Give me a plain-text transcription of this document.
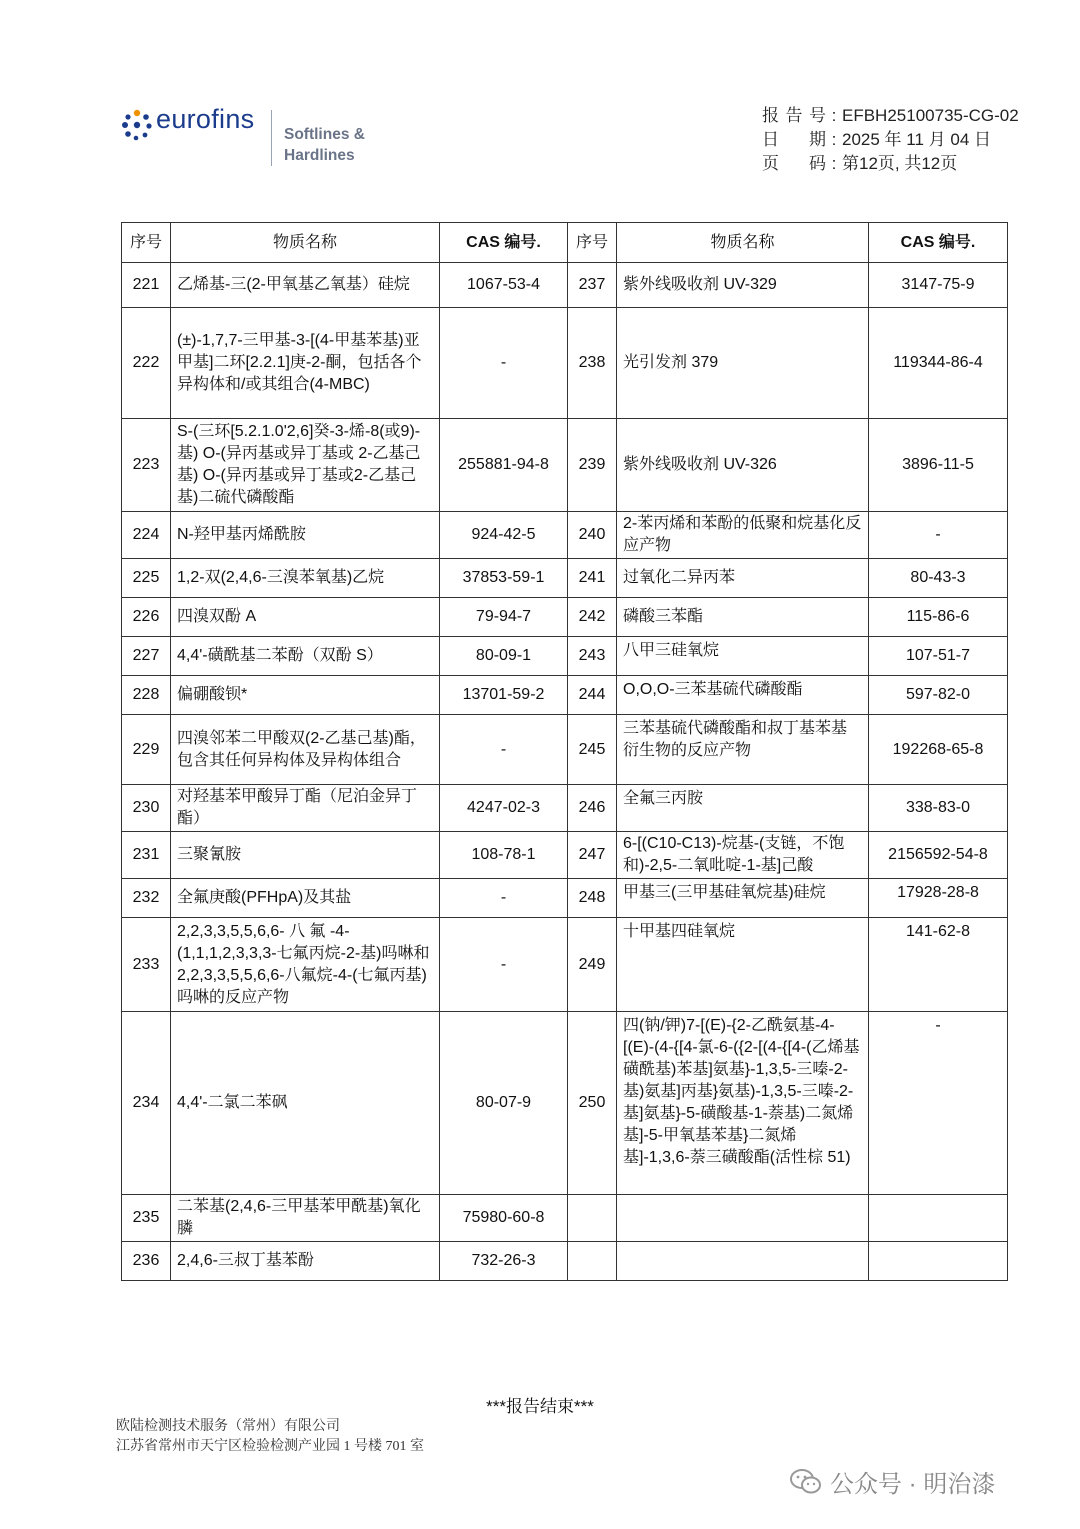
eurofins
Softlines &
Hardlines
报告号 : EFBH25100735-CG-02
日期 : 2025 年 11 月 04 日
页码 : 第12页, 共12页
序号	物质名称	CAS 编号.	序号	物质名称	CAS 编号.
221	乙烯基-三(2-甲氧基乙氧基）硅烷	1067-53-4	237	紫外线吸收剂 UV-329	3147-75-9
222	(±)-1,7,7-三甲基-3-[(4-甲基苯基)亚甲基]二环[2.2.1]庚-2-酮，包括各个异构体和/或其组合(4-MBC)	-	238	光引发剂 379	119344-86-4
223	S-(三环[5.2.1.0'2,6]癸-3-烯-8(或9)-基) O-(异丙基或异丁基或 2-乙基己基) O-(异丙基或异丁基或2-乙基己基)二硫代磷酸酯	255881-94-8	239	紫外线吸收剂 UV-326	3896-11-5
224	N-羟甲基丙烯酰胺	924-42-5	240	2-苯丙烯和苯酚的低聚和烷基化反应产物	-
225	1,2-双(2,4,6-三溴苯氧基)乙烷	37853-59-1	241	过氧化二异丙苯	80-43-3
226	四溴双酚 A	79-94-7	242	磷酸三苯酯	115-86-6
227	4,4'-磺酰基二苯酚（双酚 S）	80-09-1	243	八甲三硅氧烷	107-51-7
228	偏硼酸钡*	13701-59-2	244	O,O,O-三苯基硫代磷酸酯	597-82-0
229	四溴邻苯二甲酸双(2-乙基己基)酯，包含其任何异构体及异构体组合	-	245	三苯基硫代磷酸酯和叔丁基苯基衍生物的反应产物	192268-65-8
230	对羟基苯甲酸异丁酯（尼泊金异丁酯）	4247-02-3	246	全氟三丙胺	338-83-0
231	三聚氰胺	108-78-1	247	6-[(C10-C13)-烷基-(支链，不饱和)-2,5-二氧吡啶-1-基]己酸	2156592-54-8
232	全氟庚酸(PFHpA)及其盐	-	248	甲基三(三甲基硅氧烷基)硅烷	17928-28-8
233	2,2,3,3,5,5,6,6- 八 氟 -4-(1,1,1,2,3,3,3-七氟丙烷-2-基)吗啉和 2,2,3,3,5,5,6,6-八氟烷-4-(七氟丙基)吗啉的反应产物	-	249	十甲基四硅氧烷	141-62-8
234	4,4'-二氯二苯砜	80-07-9	250	四(钠/钾)7-[(E)-{2-乙酰氨基-4-[(E)-(4-{[4-氯-6-({2-[(4-{[4-(乙烯基磺酰基)苯基]氨基}-1,3,5-三嗪-2-基)氨基]丙基}氨基)-1,3,5-三嗪-2-基]氨基}-5-磺酸基-1-萘基)二氮烯基]-5-甲氧基苯基}二氮烯基]-1,3,6-萘三磺酸酯(活性棕 51)	-
235	二苯基(2,4,6-三甲基苯甲酰基)氧化膦	75980-60-8			
236	2,4,6-三叔丁基苯酚	732-26-3			
***报告结束***
欧陆检测技术服务（常州）有限公司
江苏省常州市天宁区检验检测产业园 1 号楼 701 室
公众号 · 明治漆
